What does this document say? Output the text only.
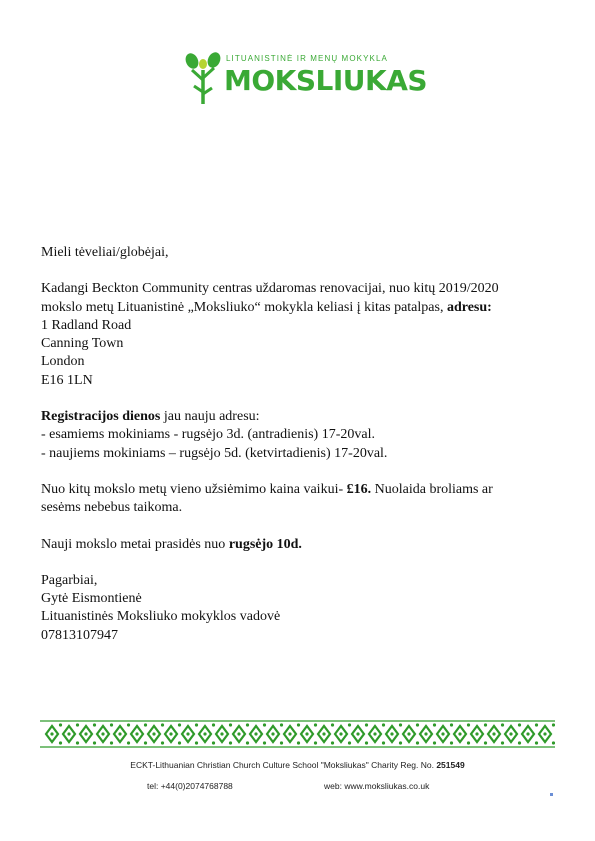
LITUANISTINĖ IR MENŲ MOKYKLA
MOKSLIUKAS

Mieli tėveliai/globėjai,

Kadangi Beckton Community centras uždaromas renovacijai, nuo kitų 2019/2020 mokslo metų Lituanistinė „Moksliuko“ mokykla keliasi į kitas patalpas, adresu:

1 Radland Road

Canning Town

London

E16 1LN

Registracijos dienos jau nauju adresu:

- esamiems mokiniams - rugsėjo 3d. (antradienis) 17-20val.

- naujiems mokiniams – rugsėjo 5d. (ketvirtadienis) 17-20val.

Nuo kitų mokslo metų vieno užsiėmimo kaina vaikui- £16. Nuolaida broliams ar sesėms nebebus taikoma.

Nauji mokslo metai prasidės nuo rugsėjo 10d.

Pagarbiai,

Gytė Eismontienė

Lituanistinės Moksliuko mokyklos vadovė

07813107947

ECKT-Lithuanian Christian Church Culture School "Moksliukas" Charity Reg. No. 251549
tel: +44(0)2074768788	web: www.moksliukas.co.uk
